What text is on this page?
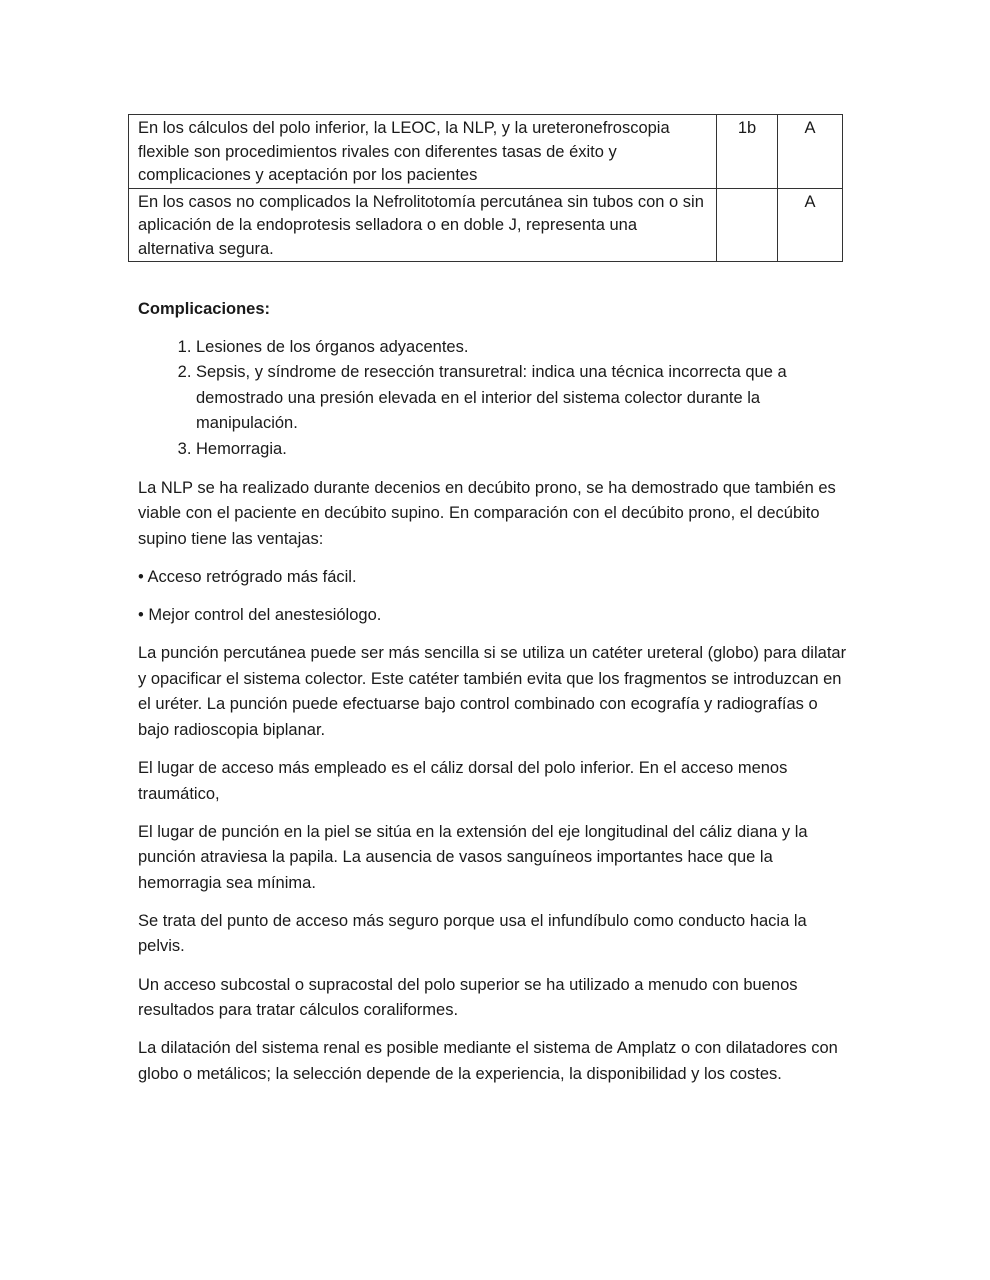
En los cálculos del polo inferior, la LEOC, la NLP, y la ureteronefroscopia flexible son procedimientos rivales con diferentes tasas de éxito y complicaciones y aceptación por los pacientes	1b	A
En los casos no complicados la Nefrolitotomía percutánea sin tubos con o sin aplicación de la endoprotesis selladora o en doble J, representa una alternativa segura.		A
Complicaciones:
1. Lesiones de los órganos adyacentes.
2. Sepsis, y síndrome de resección transuretral: indica una técnica incorrecta que a demostrado una presión elevada en el interior del sistema colector durante la manipulación.
3. Hemorragia.

La NLP se ha realizado durante decenios en decúbito prono, se ha demostrado que también es viable con el paciente en decúbito supino. En comparación con el decúbito prono, el decúbito supino tiene las ventajas:

• Acceso retrógrado más fácil.

• Mejor control del anestesiólogo.

La punción percutánea puede ser más sencilla si se utiliza un catéter ureteral (globo) para dilatar y opacificar el sistema colector. Este catéter también evita que los fragmentos se introduzcan en el uréter. La punción puede efectuarse bajo control combinado con ecografía y radiografías o bajo radioscopia biplanar.

El lugar de acceso más empleado es el cáliz dorsal del polo inferior. En el acceso menos traumático,

El lugar de punción en la piel se sitúa en la extensión del eje longitudinal del cáliz diana y la punción atraviesa la papila. La ausencia de vasos sanguíneos importantes hace que la hemorragia sea mínima.

Se trata del punto de acceso más seguro porque usa el infundíbulo como conducto hacia la pelvis.

Un acceso subcostal o supracostal del polo superior se ha utilizado a menudo con buenos resultados para tratar cálculos coraliformes.

La dilatación del sistema renal es posible mediante el sistema de Amplatz o con dilatadores con globo o metálicos; la selección depende de la experiencia, la disponibilidad y los costes.
